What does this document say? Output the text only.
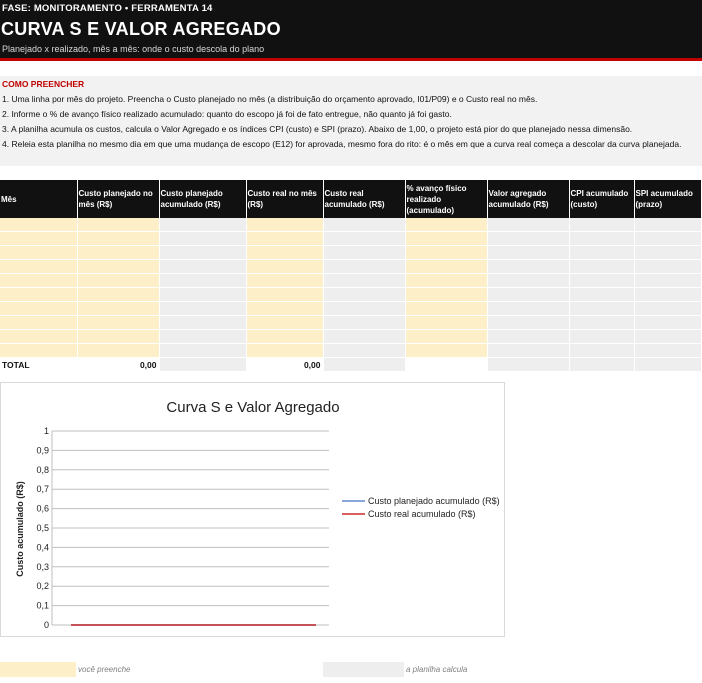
FASE: MONITORAMENTO • FERRAMENTA 14
CURVA S E VALOR AGREGADO
Planejado x realizado, mês a mês: onde o custo descola do plano
COMO PREENCHER
1. Uma linha por mês do projeto. Preencha o Custo planejado no mês (a distribuição do orçamento aprovado, I01/P09) e o Custo real no mês.
2. Informe o % de avanço físico realizado acumulado: quanto do escopo já foi de fato entregue, não quanto já foi gasto.
3. A planilha acumula os custos, calcula o Valor Agregado e os índices CPI (custo) e SPI (prazo). Abaixo de 1,00, o projeto está pior do que planejado nessa dimensão.
4. Releia esta planilha no mesmo dia em que uma mudança de escopo (E12) for aprovada, mesmo fora do rito: é o mês em que a curva real começa a descolar da curva planejada.
Mês	Custo planejado no mês (R$)	Custo planejado acumulado (R$)	Custo real no mês (R$)	Custo real acumulado (R$)	% avanço físico realizado (acumulado)	Valor agregado acumulado (R$)	CPI acumulado (custo)	SPI acumulado (prazo)

TOTAL	0,00		0,00					
Curva S e Valor Agregado
Custo acumulado (R$)
0
0,1
0,2
0,3
0,4
0,5
0,6
0,7
0,8
0,9
1
Custo planejado acumulado (R$)
Custo real acumulado (R$)
você preenche	a planilha calcula
